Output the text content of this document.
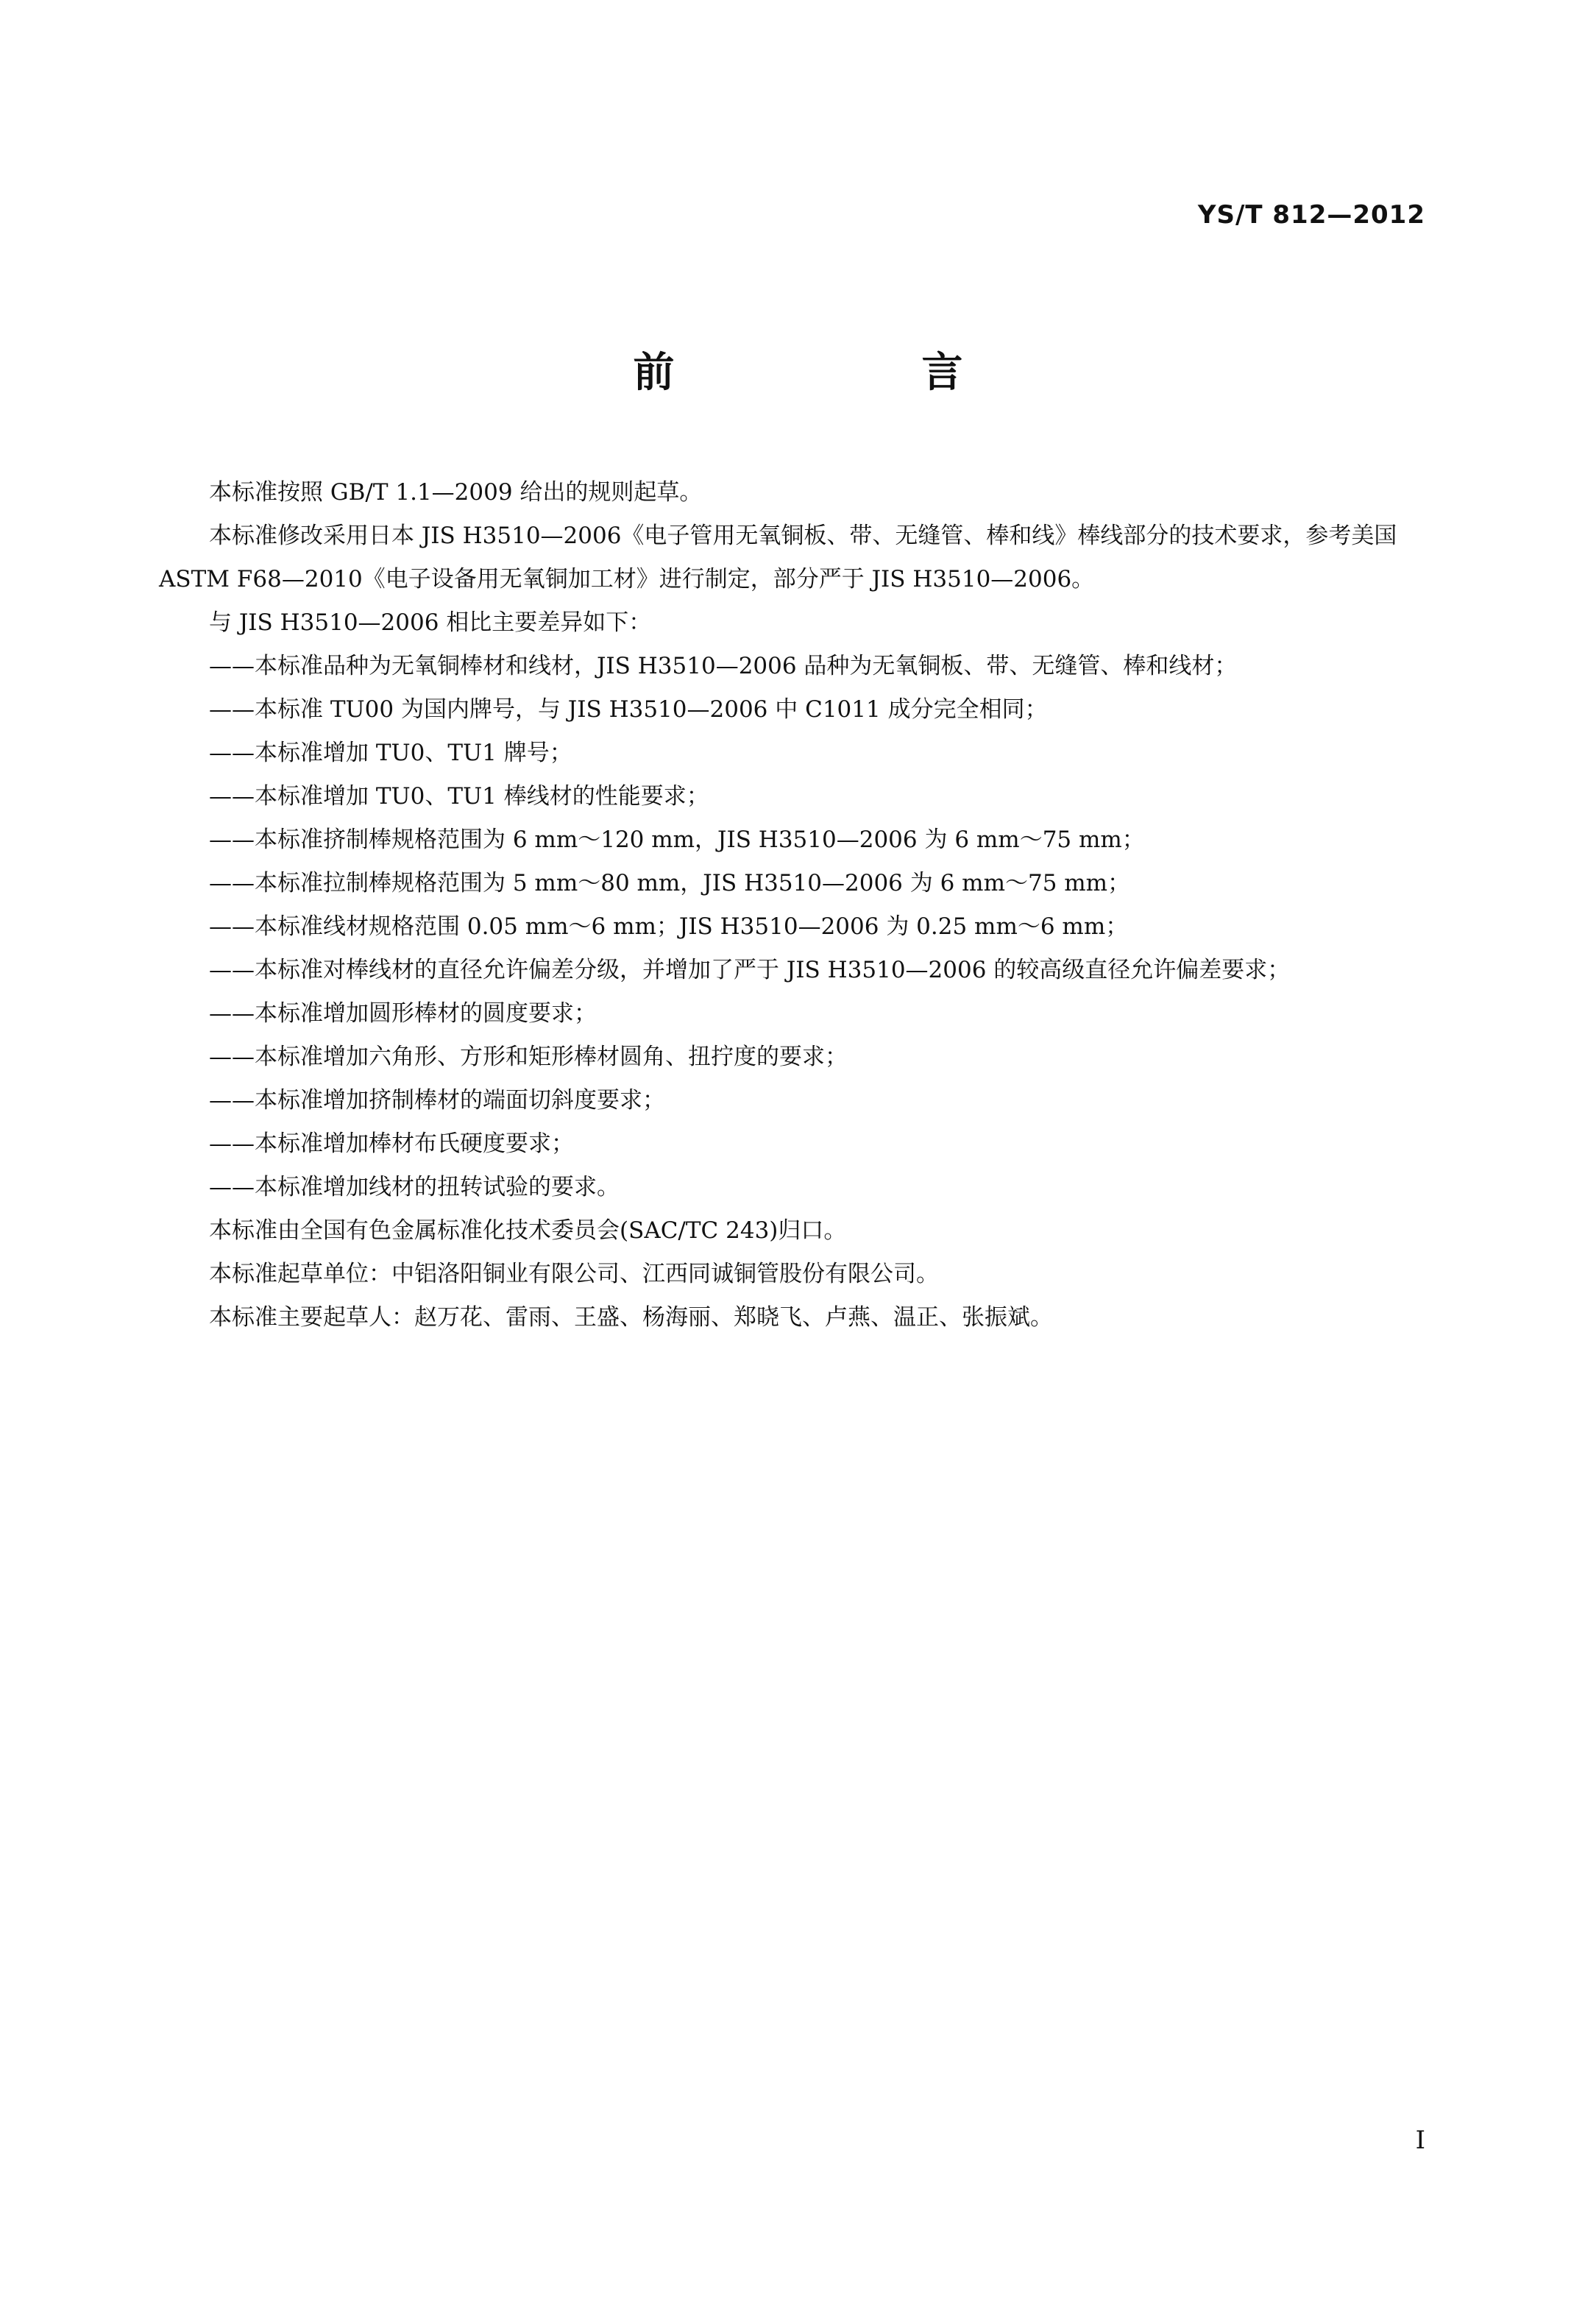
YS/T 812—2012
前　言

本标准按照 GB/T 1.1—2009 给出的规则起草。

本标准修改采用日本 JIS H3510—2006《电子管用无氧铜板、带、无缝管、棒和线》棒线部分的技术要求，参考美国 ASTM F68—2010《电子设备用无氧铜加工材》进行制定，部分严于 JIS H3510—2006。

与 JIS H3510—2006 相比主要差异如下：

——本标准品种为无氧铜棒材和线材，JIS H3510—2006 品种为无氧铜板、带、无缝管、棒和线材；

——本标准 TU00 为国内牌号，与 JIS H3510—2006 中 C1011 成分完全相同；

——本标准增加 TU0、TU1 牌号；

——本标准增加 TU0、TU1 棒线材的性能要求；

——本标准挤制棒规格范围为 6 mm～120 mm，JIS H3510—2006 为 6 mm～75 mm；

——本标准拉制棒规格范围为 5 mm～80 mm，JIS H3510—2006 为 6 mm～75 mm；

——本标准线材规格范围 0.05 mm～6 mm；JIS H3510—2006 为 0.25 mm～6 mm；

——本标准对棒线材的直径允许偏差分级，并增加了严于 JIS H3510—2006 的较高级直径允许偏差要求；

——本标准增加圆形棒材的圆度要求；

——本标准增加六角形、方形和矩形棒材圆角、扭拧度的要求；

——本标准增加挤制棒材的端面切斜度要求；

——本标准增加棒材布氏硬度要求；

——本标准增加线材的扭转试验的要求。

本标准由全国有色金属标准化技术委员会(SAC/TC 243)归口。

本标准起草单位：中铝洛阳铜业有限公司、江西同诚铜管股份有限公司。

本标准主要起草人：赵万花、雷雨、王盛、杨海丽、郑晓飞、卢燕、温正、张振斌。

I
